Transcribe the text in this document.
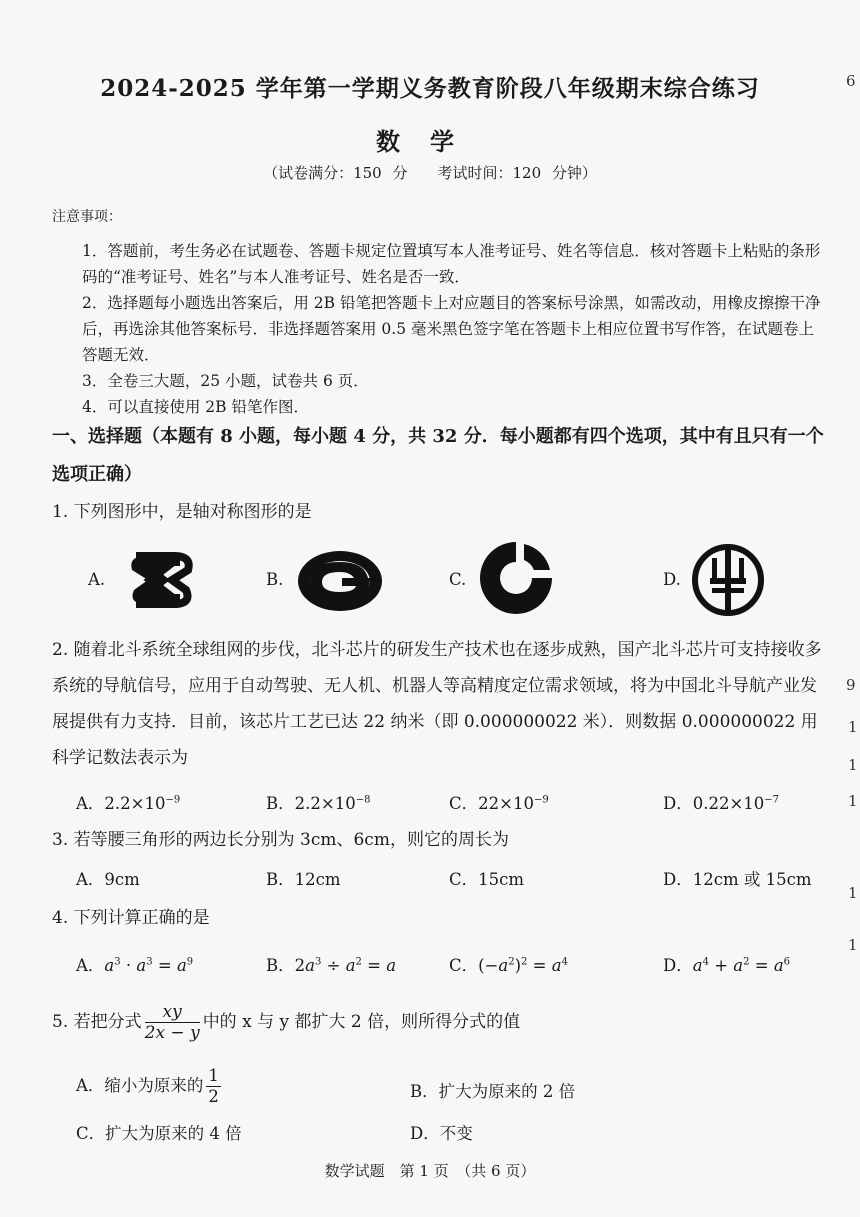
2024-2025 学年第一学期义务教育阶段八年级期末综合练习
数学
（试卷满分：150 分　　考试时间：120 分钟）
注意事项：
1．答题前，考生务必在试题卷、答题卡规定位置填写本人准考证号、姓名等信息．核对答题卡上粘贴的条形码的“准考证号、姓名”与本人准考证号、姓名是否一致．
2．选择题每小题选出答案后，用 2B 铅笔把答题卡上对应题目的答案标号涂黑，如需改动，用橡皮擦擦干净后，再选涂其他答案标号．非选择题答案用 0.5 毫米黑色签字笔在答题卡上相应位置书写作答，在试题卷上答题无效．
3．全卷三大题，25 小题，试卷共 6 页．
4．可以直接使用 2B 铅笔作图．
一、选择题（本题有 8 小题，每小题 4 分，共 32 分．每小题都有四个选项，其中有且只有一个选项正确）
1. 下列图形中，是轴对称图形的是
A.	B.	C.	D.
2. 随着北斗系统全球组网的步伐，北斗芯片的研发生产技术也在逐步成熟，国产北斗芯片可支持接收多系统的导航信号，应用于自动驾驶、无人机、机器人等高精度定位需求领域，将为中国北斗导航产业发展提供有力支持．目前，该芯片工艺已达 22 纳米（即 0.000000022 米）．则数据 0.000000022 用科学记数法表示为
A．$2.2\times 10^{-9}$	B．$2.2\times 10^{-8}$	C．$22\times 10^{-9}$	D．$0.22\times 10^{-7}$
3. 若等腰三角形的两边长分别为 3cm、6cm，则它的周长为
A．9cm	B．12cm	C．15cm	D．12cm 或 15cm
4. 下列计算正确的是
A．$a^3 \cdot a^3 = a^9$	B．$2a^3 \div a^2 = a$	C．$(-a^2)^2 = a^4$	D．$a^4 + a^2 = a^6$
5. 若把分式 $\frac{xy}{2x - y}$ 中的 x 与 y 都扩大 2 倍，则所得分式的值
A．缩小为原来的 $\frac{1}{2}$	B．扩大为原来的 2 倍
C．扩大为原来的 4 倍	D．不变
数学试题　第 1 页　（共 6 页）
6
1
1
1
1
1
9
